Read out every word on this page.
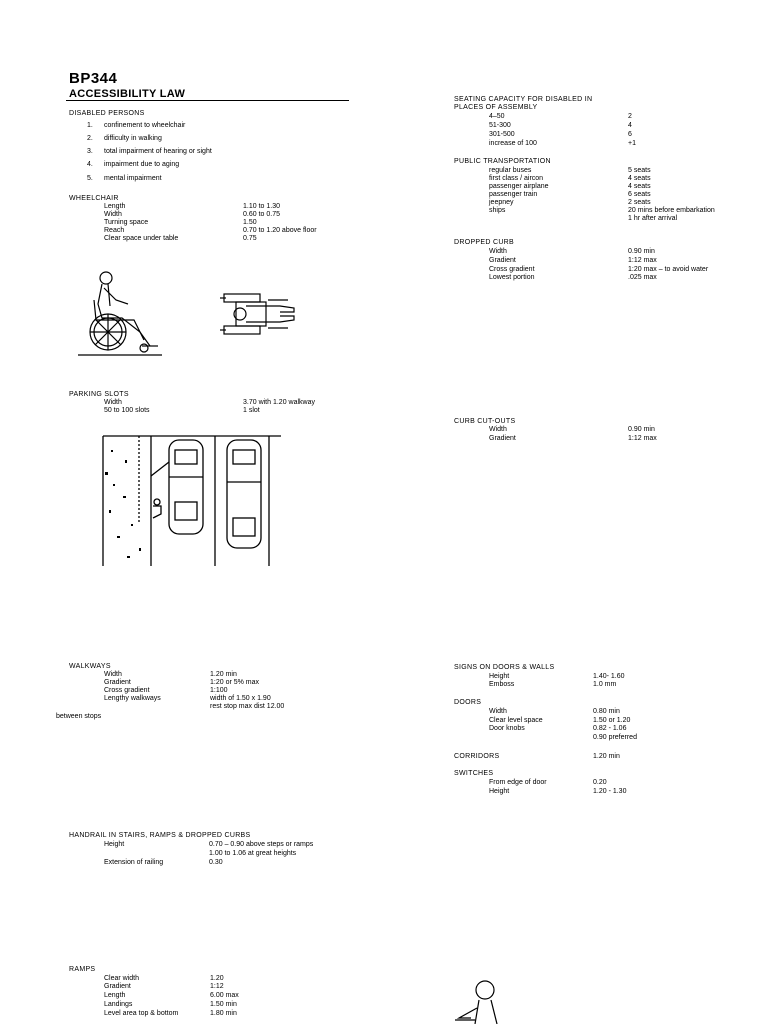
BP344
ACCESSIBILITY LAW
DISABLED PERSONS
1. confinement to wheelchair
2. difficulty in walking
3. total impairment of hearing or sight
4. impairment due to aging
5. mental impairment
WHEELCHAIR
Length	1.10 to 1.30
Width	0.60 to 0.75
Turning space	1.50
Reach	0.70 to 1.20 above floor
Clear space under table	0.75
PARKING SLOTS
Width	3.70 with 1.20 walkway
50 to 100 slots	1 slot
WALKWAYS
Width	1.20 min
Gradient	1:20 or 5% max
Cross gradient	1:100
Lengthy walkways	width of 1.50 x 1.90
rest stop max dist 12.00
between stops
HANDRAIL IN STAIRS, RAMPS & DROPPED CURBS
Height	0.70 – 0.90 above steps or ramps
1.00 to 1.06 at great heights
Extension of railing	0.30
RAMPS
Clear width	1.20
Gradient	1:12
Length	6.00 max
Landings	1.50 min
Level area top & bottom	1.80 min
SEATING CAPACITY FOR DISABLED IN
PLACES OF ASSEMBLY
4–50	2
51-300	4
301-500	6
increase of 100	+1
PUBLIC TRANSPORTATION
regular buses	5 seats
first class / aircon	4 seats
passenger airplane	4 seats
passenger train	6 seats
jeepney	2 seats
ships	20 mins before embarkation
1 hr after arrival
DROPPED CURB
Width	0.90 min
Gradient	1:12 max
Cross gradient	1:20 max – to avoid water
Lowest portion	.025 max
CURB CUT-OUTS
Width	0.90 min
Gradient	1:12 max
SIGNS ON DOORS & WALLS
Height	1.40- 1.60
Emboss	1.0 mm
DOORS
Width	0.80 min
Clear level space	1.50 or 1.20
Door knobs	0.82 - 1.06
0.90 preferred
CORRIDORS	1.20 min
SWITCHES
From edge of door	0.20
Height	1.20 - 1.30
